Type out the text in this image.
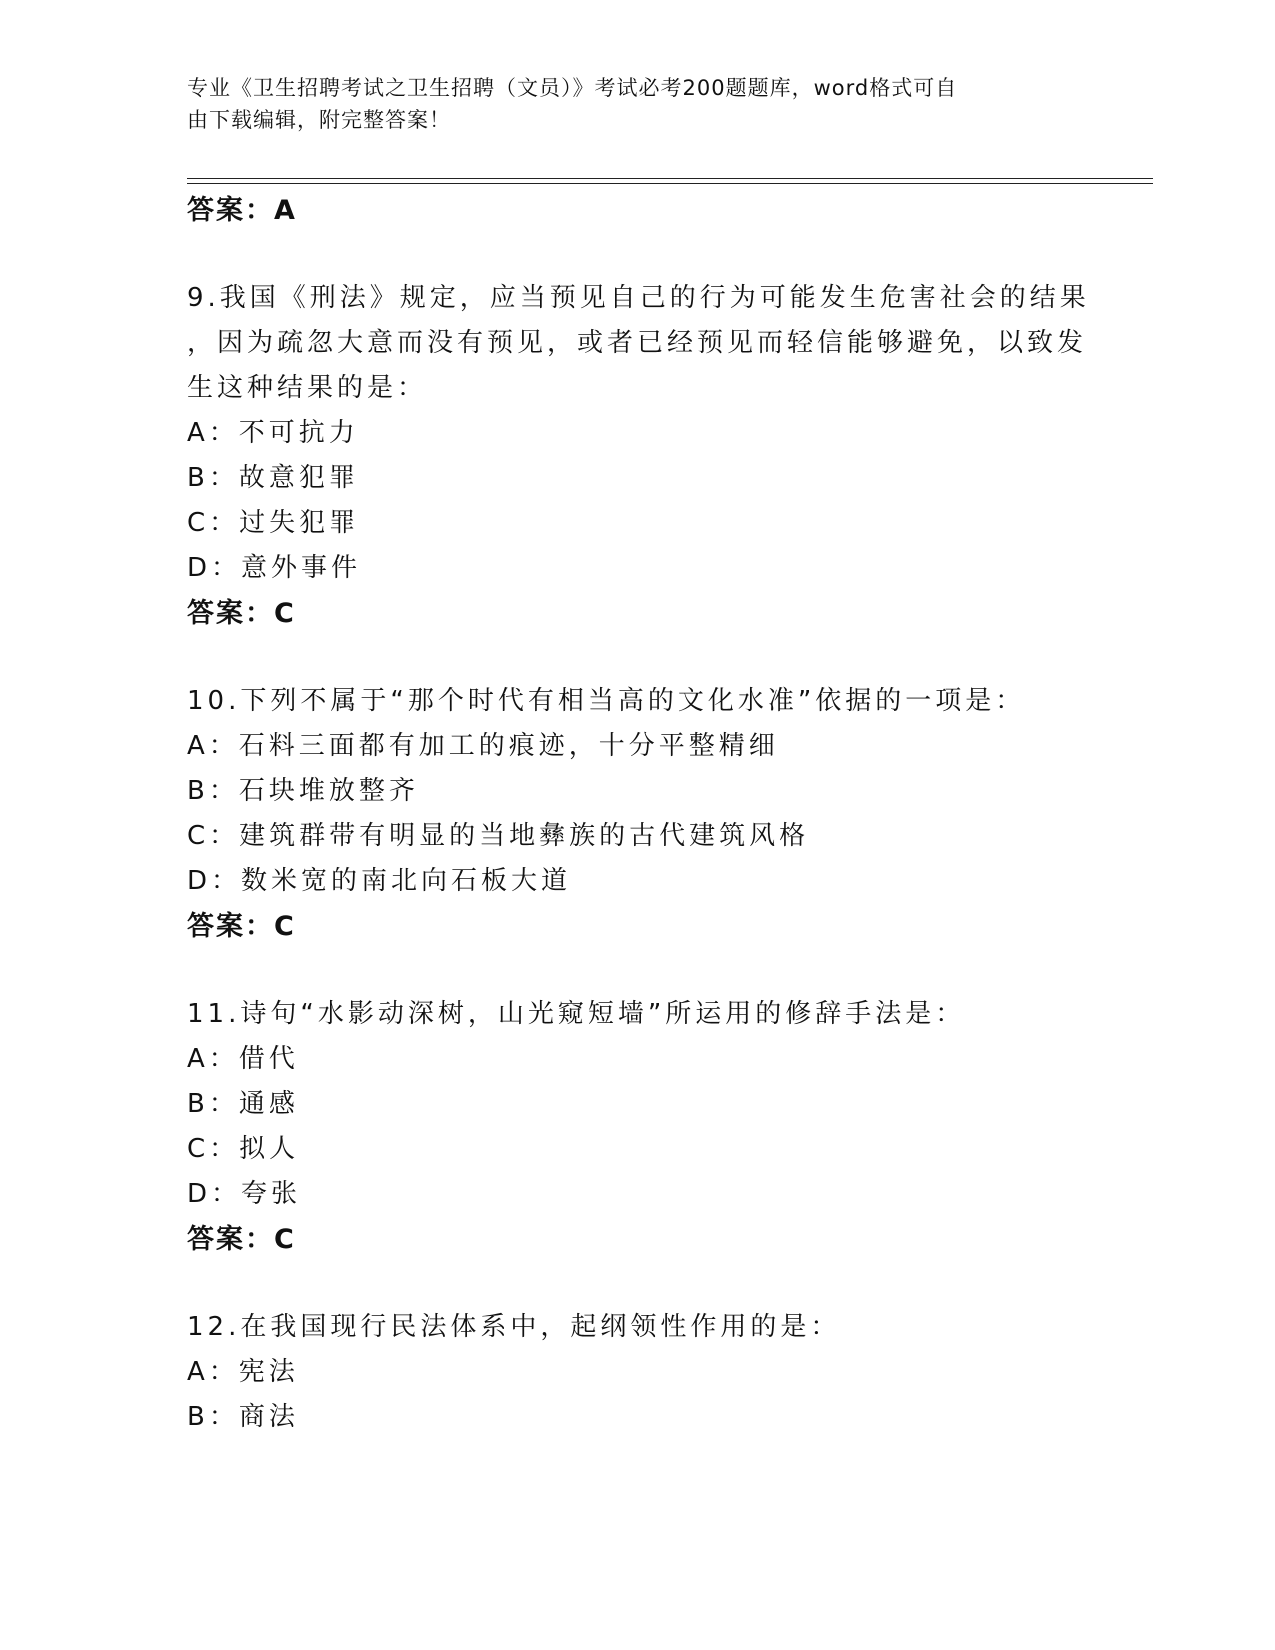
专业《卫生招聘考试之卫生招聘（文员）》考试必考200题题库，word格式可自
由下载编辑，附完整答案！
答案：A
9.我国《刑法》规定，应当预见自己的行为可能发生危害社会的结果
，因为疏忽大意而没有预见，或者已经预见而轻信能够避免，以致发
生这种结果的是：
A：不可抗力
B：故意犯罪
C：过失犯罪
D：意外事件
答案：C
10.下列不属于“那个时代有相当高的文化水准”依据的一项是：
A：石料三面都有加工的痕迹，十分平整精细
B：石块堆放整齐
C：建筑群带有明显的当地彝族的古代建筑风格
D：数米宽的南北向石板大道
答案：C
11.诗句“水影动深树，山光窥短墙”所运用的修辞手法是：
A：借代
B：通感
C：拟人
D：夸张
答案：C
12.在我国现行民法体系中，起纲领性作用的是：
A：宪法
B：商法
